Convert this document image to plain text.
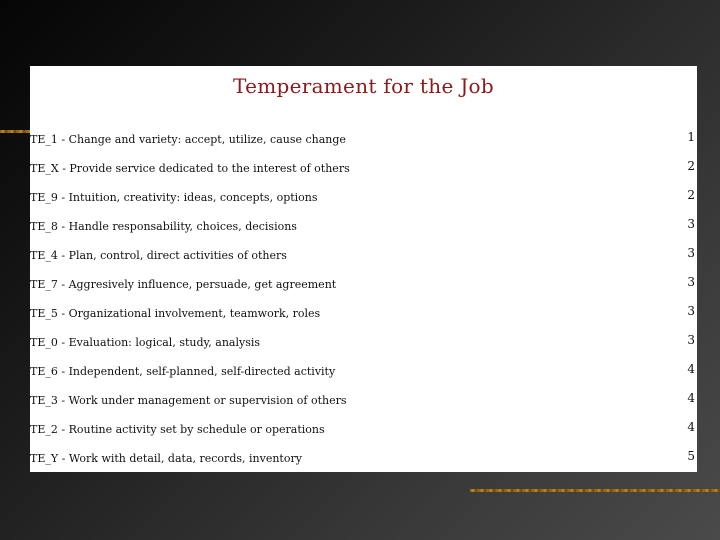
Temperament for the Job
TE_1 - Change and variety: accept, utilize, cause change	1
TE_X - Provide service dedicated to the interest of others	2
TE_9 - Intuition, creativity: ideas, concepts, options	2
TE_8 - Handle responsability, choices, decisions	3
TE_4 - Plan, control, direct activities of others	3
TE_7 - Aggresively influence, persuade, get agreement	3
TE_5 - Organizational involvement, teamwork, roles	3
TE_0 - Evaluation: logical, study, analysis	3
TE_6 - Independent, self-planned, self-directed activity	4
TE_3 - Work under management or supervision of others	4
TE_2 - Routine activity set by schedule or operations	4
TE_Y - Work with detail, data, records, inventory	5
